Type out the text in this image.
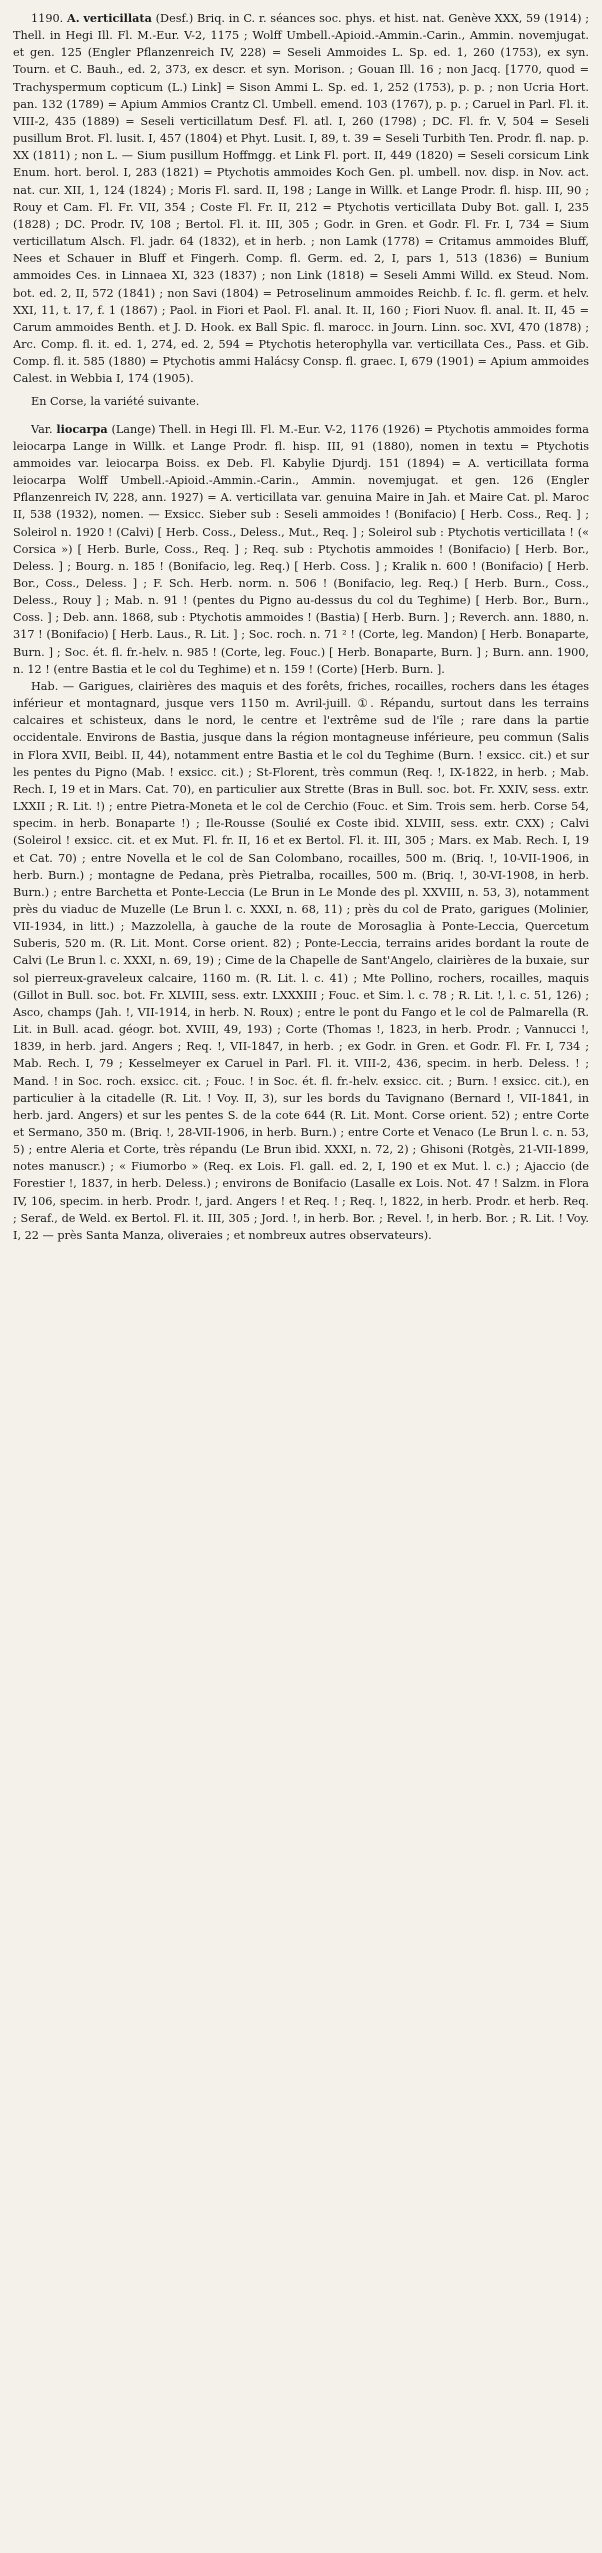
1190. A. verticillata (Desf.) Briq. in C. r. séances soc. phys. et hist. nat. Genève XXX, 59 (1914) ; Thell. in Hegi Ill. Fl. M.-Eur. V-2, 1175 ; Wolff Umbell.-Apioid.-Ammin.-Carin., Ammin. novemjugat. et gen. 125 (Engler Pflanzenreich IV, 228) = Seseli Ammoides L. Sp. ed. 1, 260 (1753), ex syn. Tourn. et C. Bauh., ed. 2, 373, ex descr. et syn. Morison. ; Gouan Ill. 16 ; non Jacq. [1770, quod = Trachyspermum copticum (L.) Link] = Sison Ammi L. Sp. ed. 1, 252 (1753), p. p. ; non Ucria Hort. pan. 132 (1789) = Apium Ammios Crantz Cl. Umbell. emend. 103 (1767), p. p. ; Caruel in Parl. Fl. it. VIII-2, 435 (1889) = Seseli verticillatum Desf. Fl. atl. I, 260 (1798) ; DC. Fl. fr. V, 504 = Seseli pusillum Brot. Fl. lusit. I, 457 (1804) et Phyt. Lusit. I, 89, t. 39 = Seseli Turbith Ten. Prodr. fl. nap. p. XX (1811) ; non L. — Sium pusillum Hoffmgg. et Link Fl. port. II, 449 (1820) = Seseli corsicum Link Enum. hort. berol. I, 283 (1821) = Ptychotis ammoides Koch Gen. pl. umbell. nov. disp. in Nov. act. nat. cur. XII, 1, 124 (1824) ; Moris Fl. sard. II, 198 ; Lange in Willk. et Lange Prodr. fl. hisp. III, 90 ; Rouy et Cam. Fl. Fr. VII, 354 ; Coste Fl. Fr. II, 212 = Ptychotis verticillata Duby Bot. gall. I, 235 (1828) ; DC. Prodr. IV, 108 ; Bertol. Fl. it. III, 305 ; Godr. in Gren. et Godr. Fl. Fr. I, 734 = Sium verticillatum Alsch. Fl. jadr. 64 (1832), et in herb. ; non Lamk (1778) = Critamus ammoides Bluff, Nees et Schauer in Bluff et Fingerh. Comp. fl. Germ. ed. 2, I, pars 1, 513 (1836) = Bunium ammoides Ces. in Linnaea XI, 323 (1837) ; non Link (1818) = Seseli Ammi Willd. ex Steud. Nom. bot. ed. 2, II, 572 (1841) ; non Savi (1804) = Petroselinum ammoides Reichb. f. Ic. fl. germ. et helv. XXI, 11, t. 17, f. 1 (1867) ; Paol. in Fiori et Paol. Fl. anal. It. II, 160 ; Fiori Nuov. fl. anal. It. II, 45 = Carum ammoides Benth. et J. D. Hook. ex Ball Spic. fl. marocc. in Journ. Linn. soc. XVI, 470 (1878) ; Arc. Comp. fl. it. ed. 1, 274, ed. 2, 594 = Ptychotis heterophylla var. verticillata Ces., Pass. et Gib. Comp. fl. it. 585 (1880) = Ptychotis ammi Halácsy Consp. fl. graec. I, 679 (1901) = Apium ammoides Calest. in Webbia I, 174 (1905).

En Corse, la variété suivante.

Var. liocarpa (Lange) Thell. in Hegi Ill. Fl. M.-Eur. V-2, 1176 (1926) = Ptychotis ammoides forma leiocarpa Lange in Willk. et Lange Prodr. fl. hisp. III, 91 (1880), nomen in textu = Ptychotis ammoides var. leiocarpa Boiss. ex Deb. Fl. Kabylie Djurdj. 151 (1894) = A. verticillata forma leiocarpa Wolff Umbell.-Apioid.-Ammin.-Carin., Ammin. novemjugat. et gen. 126 (Engler Pflanzenreich IV, 228, ann. 1927) = A. verticillata var. genuina Maire in Jah. et Maire Cat. pl. Maroc II, 538 (1932), nomen. — Exsicc. Sieber sub : Seseli ammoides ! (Bonifacio) [ Herb. Coss., Req. ] ; Soleirol n. 1920 ! (Calvi) [ Herb. Coss., Deless., Mut., Req. ] ; Soleirol sub : Ptychotis verticillata ! (« Corsica ») [ Herb. Burle, Coss., Req. ] ; Req. sub : Ptychotis ammoides ! (Bonifacio) [ Herb. Bor., Deless. ] ; Bourg. n. 185 ! (Bonifacio, leg. Req.) [ Herb. Coss. ] ; Kralik n. 600 ! (Bonifacio) [ Herb. Bor., Coss., Deless. ] ; F. Sch. Herb. norm. n. 506 ! (Bonifacio, leg. Req.) [ Herb. Burn., Coss., Deless., Rouy ] ; Mab. n. 91 ! (pentes du Pigno au-dessus du col du Teghime) [ Herb. Bor., Burn., Coss. ] ; Deb. ann. 1868, sub : Ptychotis ammoides ! (Bastia) [ Herb. Burn. ] ; Reverch. ann. 1880, n. 317 ! (Bonifacio) [ Herb. Laus., R. Lit. ] ; Soc. roch. n. 71 ² ! (Corte, leg. Mandon) [ Herb. Bonaparte, Burn. ] ; Soc. ét. fl. fr.-helv. n. 985 ! (Corte, leg. Fouc.) [ Herb. Bonaparte, Burn. ] ; Burn. ann. 1900, n. 12 ! (entre Bastia et le col du Teghime) et n. 159 ! (Corte) [Herb. Burn. ].

Hab. — Garigues, clairières des maquis et des forêts, friches, rocailles, rochers dans les étages inférieur et montagnard, jusque vers 1150 m. Avril-juill. ①. Répandu, surtout dans les terrains calcaires et schisteux, dans le nord, le centre et l'extrême sud de l'île ; rare dans la partie occidentale. Environs de Bastia, jusque dans la région montagneuse inférieure, peu commun (Salis in Flora XVII, Beibl. II, 44), notamment entre Bastia et le col du Teghime (Burn. ! exsicc. cit.) et sur les pentes du Pigno (Mab. ! exsicc. cit.) ; St-Florent, très commun (Req. !, IX-1822, in herb. ; Mab. Rech. I, 19 et in Mars. Cat. 70), en particulier aux Strette (Bras in Bull. soc. bot. Fr. XXIV, sess. extr. LXXII ; R. Lit. !) ; entre Pietra-Moneta et le col de Cerchio (Fouc. et Sim. Trois sem. herb. Corse 54, specim. in herb. Bonaparte !) ; Ile-Rousse (Soulié ex Coste ibid. XLVIII, sess. extr. CXX) ; Calvi (Soleirol ! exsicc. cit. et ex Mut. Fl. fr. II, 16 et ex Bertol. Fl. it. III, 305 ; Mars. ex Mab. Rech. I, 19 et Cat. 70) ; entre Novella et le col de San Colombano, rocailles, 500 m. (Briq. !, 10-VII-1906, in herb. Burn.) ; montagne de Pedana, près Pietralba, rocailles, 500 m. (Briq. !, 30-VI-1908, in herb. Burn.) ; entre Barchetta et Ponte-Leccia (Le Brun in Le Monde des pl. XXVIII, n. 53, 3), notamment près du viaduc de Muzelle (Le Brun l. c. XXXI, n. 68, 11) ; près du col de Prato, garigues (Molinier, VII-1934, in litt.) ; Mazzolella, à gauche de la route de Morosaglia à Ponte-Leccia, Quercetum Suberis, 520 m. (R. Lit. Mont. Corse orient. 82) ; Ponte-Leccia, terrains arides bordant la route de Calvi (Le Brun l. c. XXXI, n. 69, 19) ; Cime de la Chapelle de Sant'Angelo, clairières de la buxaie, sur sol pierreux-graveleux calcaire, 1160 m. (R. Lit. l. c. 41) ; Mte Pollino, rochers, rocailles, maquis (Gillot in Bull. soc. bot. Fr. XLVIII, sess. extr. LXXXIII ; Fouc. et Sim. l. c. 78 ; R. Lit. !, l. c. 51, 126) ; Asco, champs (Jah. !, VII-1914, in herb. N. Roux) ; entre le pont du Fango et le col de Palmarella (R. Lit. in Bull. acad. géogr. bot. XVIII, 49, 193) ; Corte (Thomas !, 1823, in herb. Prodr. ; Vannucci !, 1839, in herb. jard. Angers ; Req. !, VII-1847, in herb. ; ex Godr. in Gren. et Godr. Fl. Fr. I, 734 ; Mab. Rech. I, 79 ; Kesselmeyer ex Caruel in Parl. Fl. it. VIII-2, 436, specim. in herb. Deless. ! ; Mand. ! in Soc. roch. exsicc. cit. ; Fouc. ! in Soc. ét. fl. fr.-helv. exsicc. cit. ; Burn. ! exsicc. cit.), en particulier à la citadelle (R. Lit. ! Voy. II, 3), sur les bords du Tavignano (Bernard !, VII-1841, in herb. jard. Angers) et sur les pentes S. de la cote 644 (R. Lit. Mont. Corse orient. 52) ; entre Corte et Sermano, 350 m. (Briq. !, 28-VII-1906, in herb. Burn.) ; entre Corte et Venaco (Le Brun l. c. n. 53, 5) ; entre Aleria et Corte, très répandu (Le Brun ibid. XXXI, n. 72, 2) ; Ghisoni (Rotgès, 21-VII-1899, notes manuscr.) ; « Fiumorbo » (Req. ex Lois. Fl. gall. ed. 2, I, 190 et ex Mut. l. c.) ; Ajaccio (de Forestier !, 1837, in herb. Deless.) ; environs de Bonifacio (Lasalle ex Lois. Not. 47 ! Salzm. in Flora IV, 106, specim. in herb. Prodr. !, jard. Angers ! et Req. ! ; Req. !, 1822, in herb. Prodr. et herb. Req. ; Seraf., de Weld. ex Bertol. Fl. it. III, 305 ; Jord. !, in herb. Bor. ; Revel. !, in herb. Bor. ; R. Lit. ! Voy. I, 22 — près Santa Manza, oliveraies ; et nombreux autres observateurs).
